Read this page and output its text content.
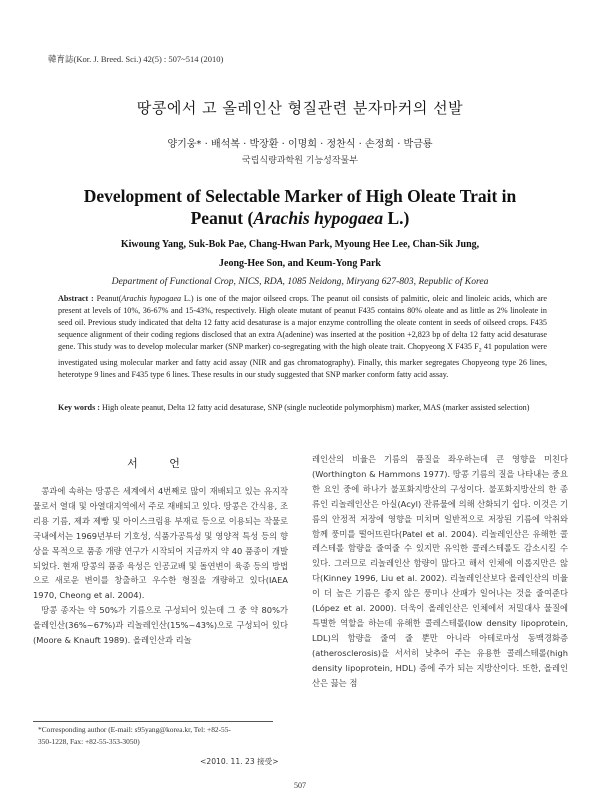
韓育誌(Kor. J. Breed. Sci.) 42(5) : 507~514 (2010)
땅콩에서 고 올레인산 형질관련 분자마커의 선발
양기웅* · 배석복 · 박장환 · 이명희 · 정찬식 · 손정희 · 박금룡
국립식량과학원 기능성작물부
Development of Selectable Marker of High Oleate Trait in
Peanut (Arachis hypogaea L.)
Kiwoung Yang, Suk-Bok Pae, Chang-Hwan Park, Myoung Hee Lee, Chan-Sik Jung,
Jeong-Hee Son, and Keum-Yong Park
Department of Functional Crop, NICS, RDA, 1085 Neidong, Miryang 627-803, Republic of Korea
Abstract : Peanut(Arachis hypogaea L.) is one of the major oilseed crops. The peanut oil consists of palmitic, oleic and linoleic acids, which are present at levels of 10%, 36-67% and 15-43%, respectively. High oleate mutant of peanut F435 contains 80% oleate and as little as 2% linoleate in seed oil. Previous study indicated that delta 12 fatty acid desaturase is a major enzyme controlling the oleate content in seeds of oilseed crops. F435 sequence alignment of their coding regions disclosed that an extra A(adenine) was inserted at the position +2,823 bp of delta 12 fatty acid desaturase gene. This study was to develop molecular marker (SNP marker) co-segregating with the high oleate trait. Chopyeong X F435 $F_2$ 41 population were investigated using molecular marker and fatty acid assay (NIR and gas chromatography). Finally, this marker segregates Chopyeong type 26 lines, heterotype 9 lines and F435 type 6 lines. These results in our study suggested that SNP marker conform fatty acid assay.
Key words : High oleate peanut, Delta 12 fatty acid desaturase, SNP (single nucleotide polymorphism) marker, MAS (marker assisted selection)
서 언

콩과에 속하는 땅콩은 세계에서 4번째로 많이 재배되고 있는 유지작물로서 열대 및 아열대지역에서 주로 재배되고 있다. 땅콩은 간식용, 조리용 기름, 제과 제빵 및 아이스크림용 부재료 등으로 이용되는 작물로 국내에서는 1969년부터 기호성, 식품가공특성 및 영양적 특성 등의 향상을 목적으로 품종 개량 연구가 시작되어 지금까지 약 40 품종이 개발되었다. 현재 땅콩의 품종 육성은 인공교배 및 돌연변이 육종 등의 방법으로 새로운 변이를 창출하고 우수한 형질을 개량하고 있다(IAEA 1970, Cheong et al. 2004).

땅콩 종자는 약 50%가 기름으로 구성되어 있는데 그 중 약 80%가 올레인산(36%~67%)과 리놀레인산(15%~43%)으로 구성되어 있다(Moore & Knauft 1989). 올레인산과 리놀

레인산의 비율은 기름의 품질을 좌우하는데 큰 영향을 미친다(Worthington & Hammons 1977). 땅콩 기름의 질을 나타내는 중요한 요인 중에 하나가 불포화지방산의 구성이다. 불포화지방산의 한 종류인 리놀레인산은 아실(Acyl) 잔류물에 의해 산화되기 쉽다. 이것은 기름의 안정적 저장에 영향을 미치며 일반적으로 저장된 기름에 악취와 함께 풍미를 떨어뜨린다(Patel et al. 2004). 리놀레인산은 유해한 콜레스테롤 함량을 줄여줄 수 있지만 유익한 콜레스테롤도 감소시킬 수 있다. 그러므로 리놀레인산 함량이 많다고 해서 인체에 이롭지만은 않다(Kinney 1996, Liu et al. 2002). 리놀레인산보다 올레인산의 비율이 더 높은 기름은 좋지 않은 풍미나 산패가 일어나는 것을 줄여준다(López et al. 2000). 더욱이 올레인산은 인체에서 저밀대사 물질에 특별한 역할을 하는데 유해한 콜레스테롤(low density lipoprotein, LDL)의 함량을 줄여 줄 뿐만 아니라 아테로마성 동맥경화증(atherosclerosis)을 서서히 낮추어 주는 유용한 콜레스테롤(high density lipoprotein, HDL) 증에 주가 되는 지방산이다. 또한, 올레인산은 끓는 점
*Corresponding author (E-mail: s95yang@korea.kr, Tel: +82-55-
350-1228, Fax: +82-55-353-3050)
<2010. 11. 23 接受>
507
